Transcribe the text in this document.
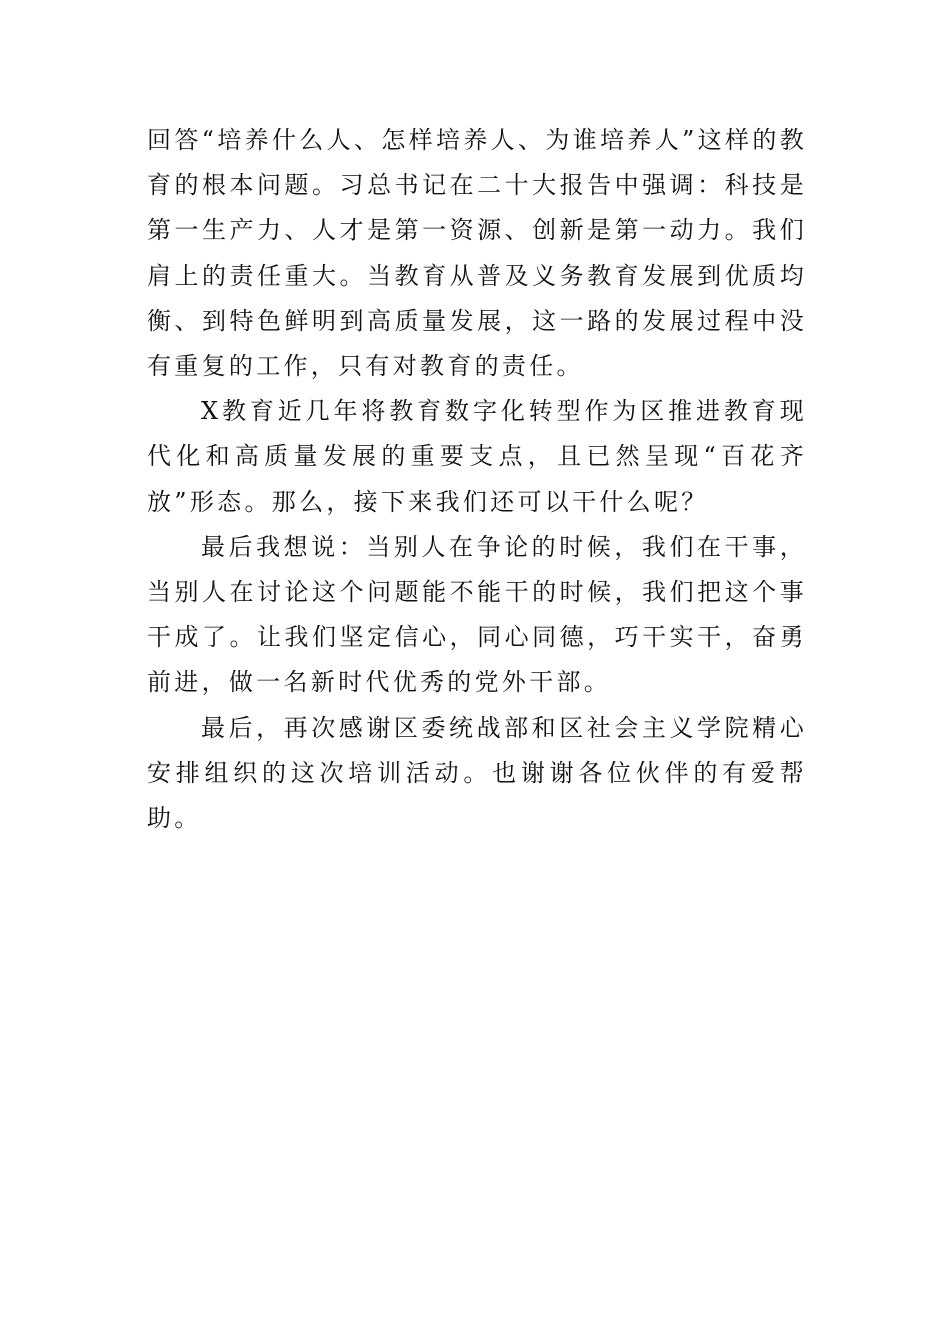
回答“培养什么人、怎样培养人、为谁培养人”这样的教育的根本问题。习总书记在二十大报告中强调：科技是第一生产力、人才是第一资源、创新是第一动力。我们肩上的责任重大。当教育从普及义务教育发展到优质均衡、到特色鲜明到高质量发展，这一路的发展过程中没有重复的工作，只有对教育的责任。

X教育近几年将教育数字化转型作为区推进教育现代化和高质量发展的重要支点，且已然呈现“百花齐放”形态。那么，接下来我们还可以干什么呢？

最后我想说：当别人在争论的时候，我们在干事，当别人在讨论这个问题能不能干的时候，我们把这个事干成了。让我们坚定信心，同心同德，巧干实干，奋勇前进，做一名新时代优秀的党外干部。

最后，再次感谢区委统战部和区社会主义学院精心安排组织的这次培训活动。也谢谢各位伙伴的有爱帮助。
